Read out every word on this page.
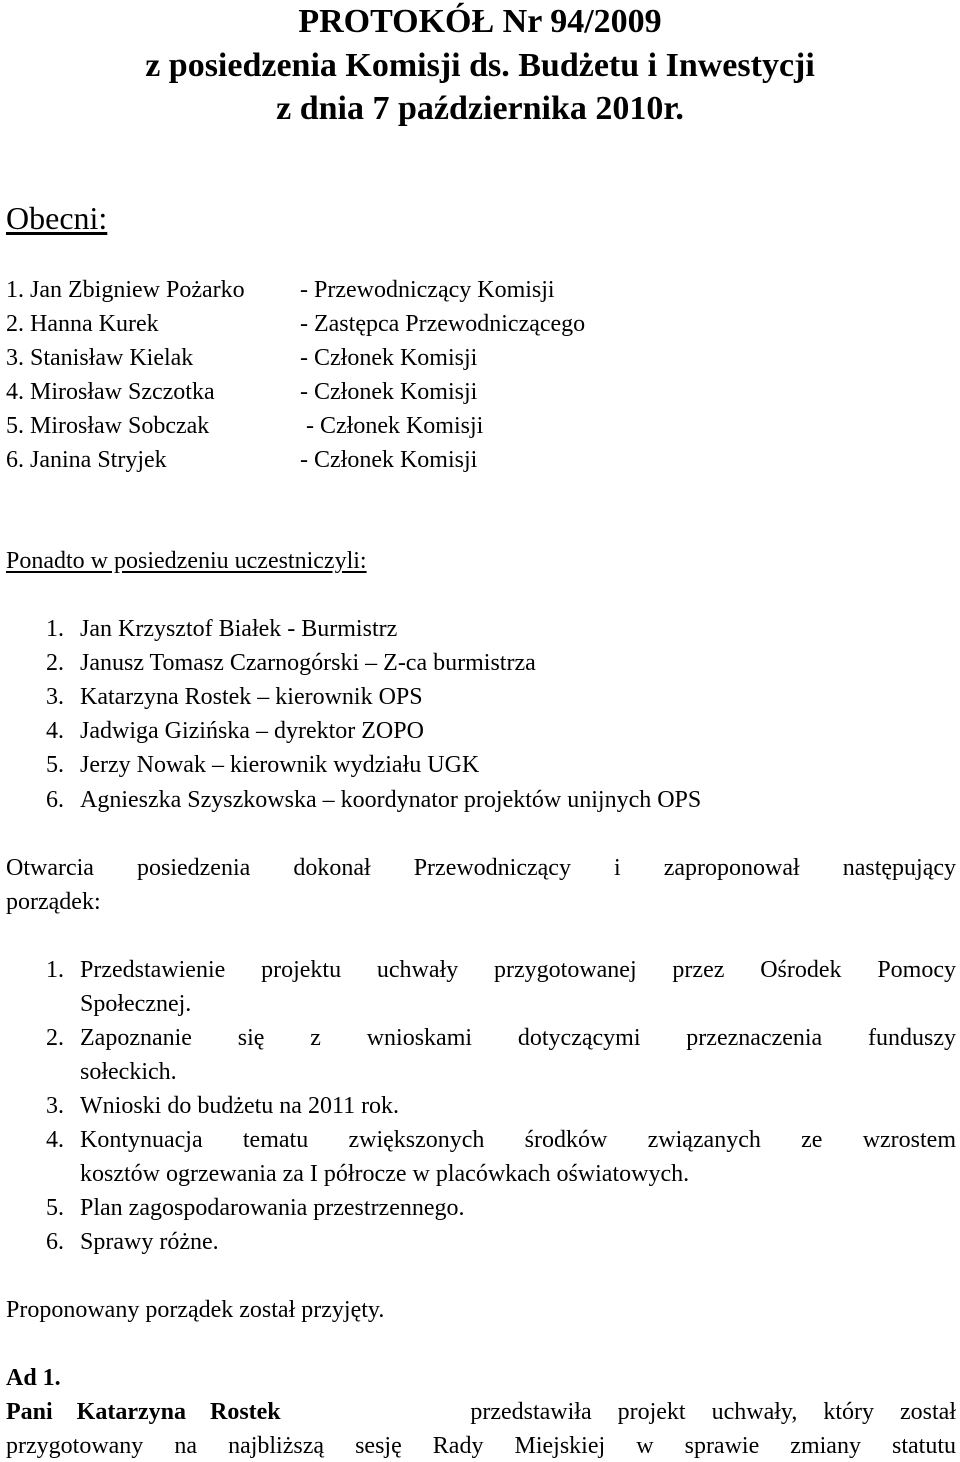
PROTOKÓŁ Nr 94/2009
z posiedzenia Komisji ds. Budżetu i Inwestycji
z dnia 7 października 2010r.
Obecni:
1. Jan Zbigniew Pożarko - Przewodniczący Komisji
2. Hanna Kurek	- Zastępca Przewodniczącego
3. Stanisław Kielak	- Członek Komisji
4. Mirosław Szczotka	- Członek Komisji
5. Mirosław Sobczak	- Członek Komisji
6. Janina Stryjek	- Członek Komisji
Ponadto w posiedzeniu uczestniczyli:
1. Jan Krzysztof Białek - Burmistrz
2. Janusz Tomasz Czarnogórski – Z-ca burmistrza
3. Katarzyna Rostek – kierownik OPS
4. Jadwiga Gizińska – dyrektor ZOPO
5. Jerzy Nowak – kierownik wydziału UGK
6. Agnieszka Szyszkowska – koordynator projektów unijnych OPS
Otwarcia posiedzenia dokonał Przewodniczący i zaproponował następujący
porządek:
1. Przedstawienie projektu uchwały przygotowanej przez Ośrodek Pomocy
Społecznej.
2. Zapoznanie się z wnioskami dotyczącymi przeznaczenia funduszy
sołeckich.
3. Wnioski do budżetu na 2011 rok.
4. Kontynuacja tematu zwiększonych środków związanych ze wzrostem
kosztów ogrzewania za I półrocze w placówkach oświatowych.
5. Plan zagospodarowania przestrzennego.
6. Sprawy różne.
Proponowany porządek został przyjęty.
Ad 1.
Pani Katarzyna Rostek	przedstawiła projekt uchwały, który został
przygotowany na najbliższą sesję Rady Miejskiej w sprawie zmiany statutu
